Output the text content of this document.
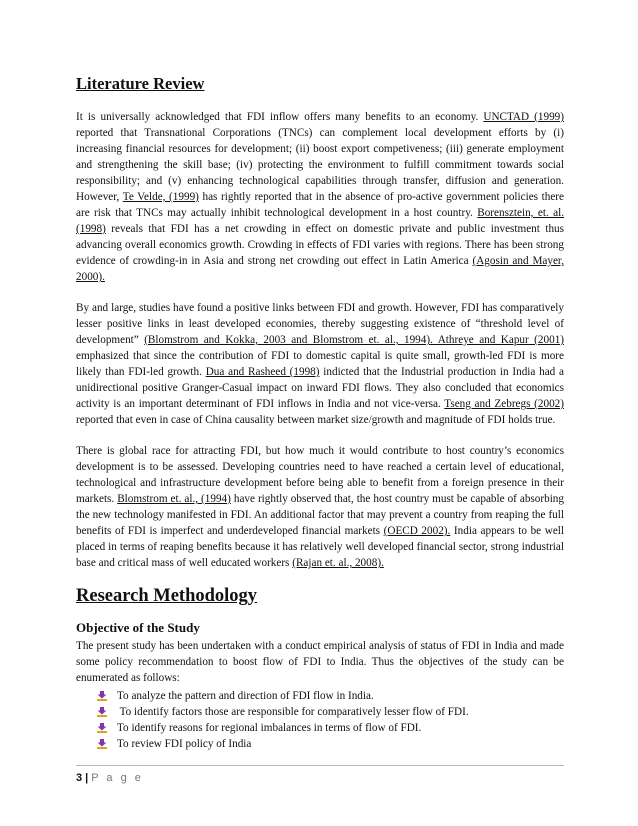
Literature Review

It is universally acknowledged that FDI inflow offers many benefits to an economy. UNCTAD (1999) reported that Transnational Corporations (TNCs) can complement local development efforts by (i) increasing financial resources for development; (ii) boost export competiveness; (iii) generate employment and strengthening the skill base; (iv) protecting the environment to fulfill commitment towards social responsibility; and (v) enhancing technological capabilities through transfer, diffusion and generation. However, Te Velde, (1999) has rightly reported that in the absence of pro-active government policies there are risk that TNCs may actually inhibit technological development in a host country. Borensztein, et. al. (1998) reveals that FDI has a net crowding in effect on domestic private and public investment thus advancing overall economics growth. Crowding in effects of FDI varies with regions. There has been strong evidence of crowding-in in Asia and strong net crowding out effect in Latin America (Agosin and Mayer, 2000).

By and large, studies have found a positive links between FDI and growth. However, FDI has comparatively lesser positive links in least developed economies, thereby suggesting existence of “threshold level of development” (Blomstrom and Kokka, 2003 and Blomstrom et. al., 1994). Athreye and Kapur (2001) emphasized that since the contribution of FDI to domestic capital is quite small, growth-led FDI is more likely than FDI-led growth. Dua and Rasheed (1998) indicted that the Industrial production in India had a unidirectional positive Granger-Casual impact on inward FDI flows. They also concluded that economics activity is an important determinant of FDI inflows in India and not vice-versa. Tseng and Zebregs (2002) reported that even in case of China causality between market size/growth and magnitude of FDI holds true.

There is global race for attracting FDI, but how much it would contribute to host country’s economics development is to be assessed. Developing countries need to have reached a certain level of educational, technological and infrastructure development before being able to benefit from a foreign presence in their markets. Blomstrom et. al., (1994) have rightly observed that, the host country must be capable of absorbing the new technology manifested in FDI. An additional factor that may prevent a country from reaping the full benefits of FDI is imperfect and underdeveloped financial markets (OECD 2002). India appears to be well placed in terms of reaping benefits because it has relatively well developed financial sector, strong industrial base and critical mass of well educated workers (Rajan et. al., 2008).

Research Methodology
Objective of the Study

The present study has been undertaken with a conduct empirical analysis of status of FDI in India and made some policy recommendation to boost flow of FDI to India. Thus the objectives of the study can be enumerated as follows:

To analyze the pattern and direction of FDI flow in India.
To identify factors those are responsible for comparatively lesser flow of FDI.
To identify reasons for regional imbalances in terms of flow of FDI.
To review FDI policy of India
3 | P a g e
